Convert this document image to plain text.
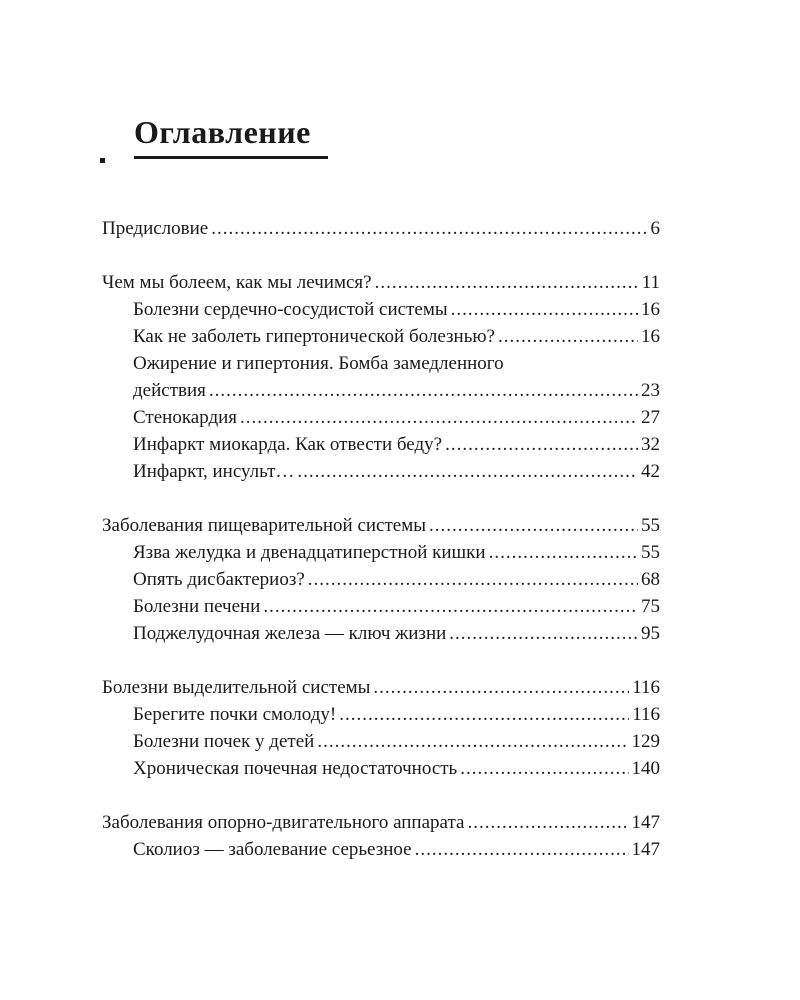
Оглавление
Предисловие .....	6
Чем мы болеем, как мы лечимся? .....	11
Болезни сердечно-сосудистой системы .....	16
Как не заболеть гипертонической болезнью? .....	16
Ожирение и гипертония. Бомба замедленного
действия .....	23
Стенокардия .....	27
Инфаркт миокарда. Как отвести беду? .....	32
Инфаркт, инсульт… .....	42
Заболевания пищеварительной системы .....	55
Язва желудка и двенадцатиперстной кишки .....	55
Опять дисбактериоз? .....	68
Болезни печени .....	75
Поджелудочная железа — ключ жизни .....	95
Болезни выделительной системы .....	116
Берегите почки смолоду! .....	116
Болезни почек у детей .....	129
Хроническая почечная недостаточность .....	140
Заболевания опорно-двигательного аппарата .....	147
Сколиоз — заболевание серьезное .....	147
